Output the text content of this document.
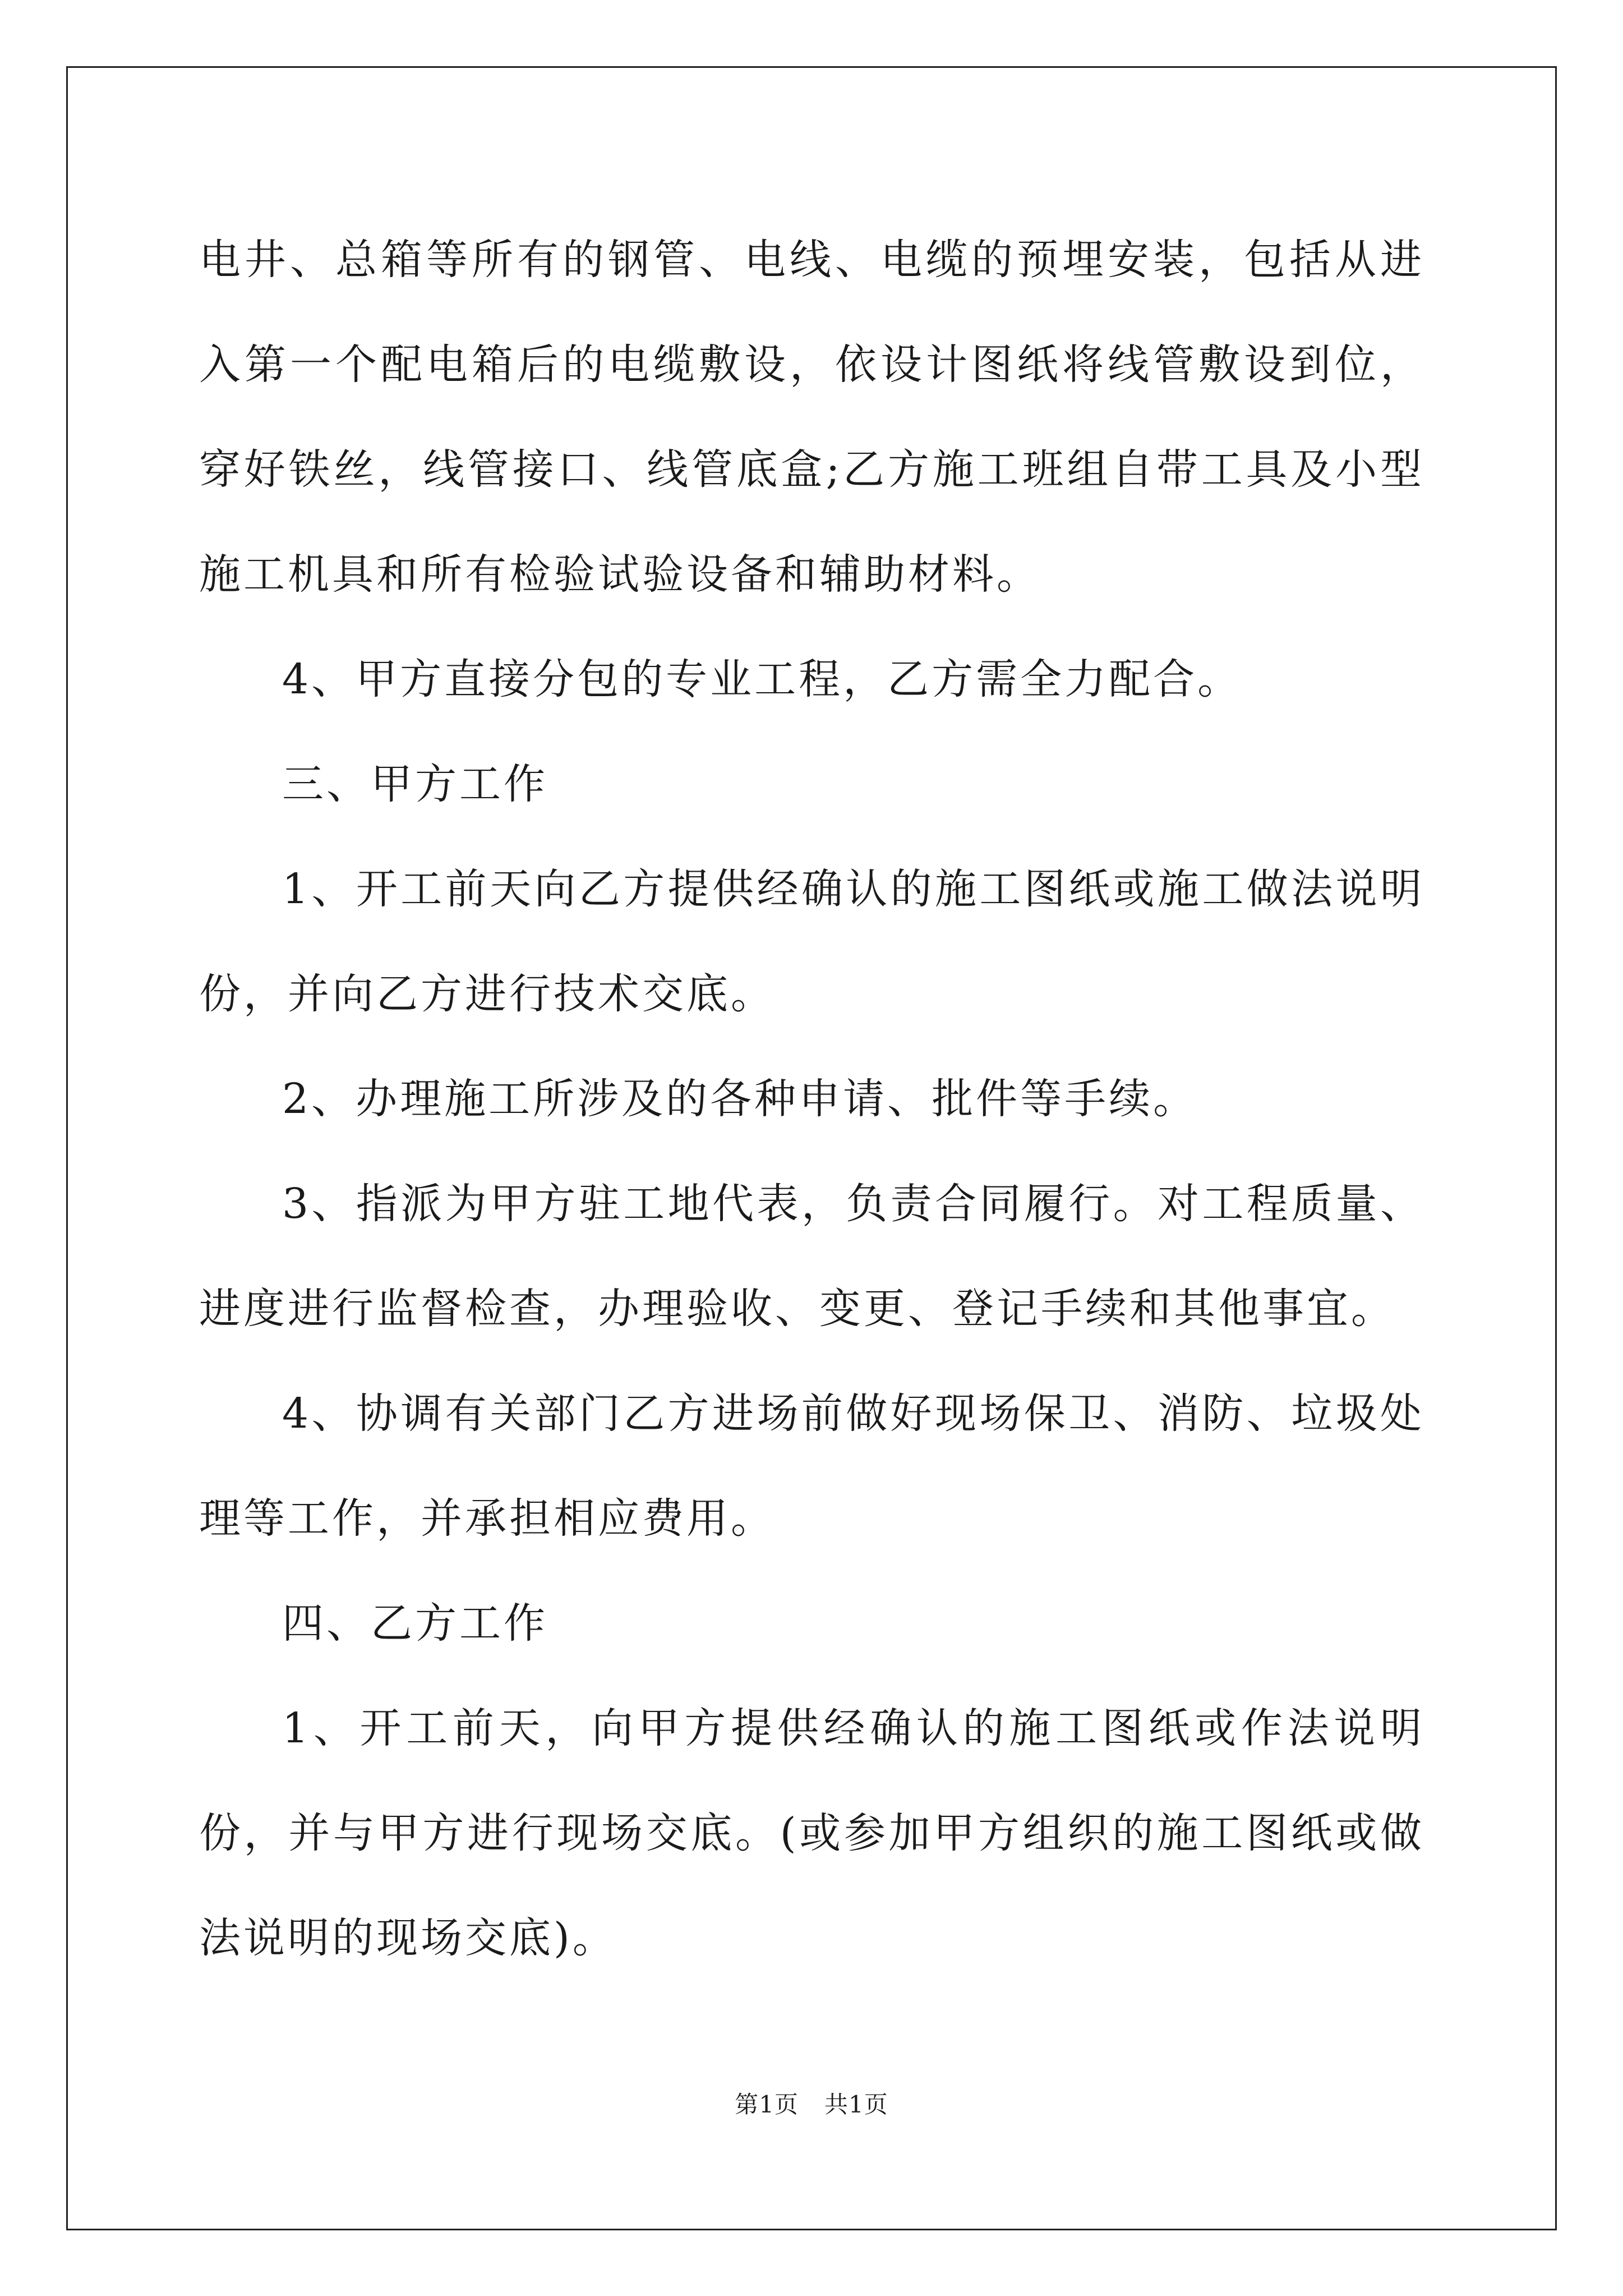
电井、总箱等所有的钢管、电线、电缆的预埋安装，包括从进入第一个配电箱后的电缆敷设，依设计图纸将线管敷设到位，穿好铁丝，线管接口、线管底盒;乙方施工班组自带工具及小型施工机具和所有检验试验设备和辅助材料。

4、甲方直接分包的专业工程，乙方需全力配合。

三、甲方工作

1、开工前天向乙方提供经确认的施工图纸或施工做法说明份，并向乙方进行技术交底。

2、办理施工所涉及的各种申请、批件等手续。

3、指派为甲方驻工地代表，负责合同履行。对工程质量、进度进行监督检查，办理验收、变更、登记手续和其他事宜。

4、协调有关部门乙方进场前做好现场保卫、消防、垃圾处理等工作，并承担相应费用。

四、乙方工作

1、开工前天，向甲方提供经确认的施工图纸或作法说明份，并与甲方进行现场交底。(或参加甲方组织的施工图纸或做法说明的现场交底)。

第1页 共1页
